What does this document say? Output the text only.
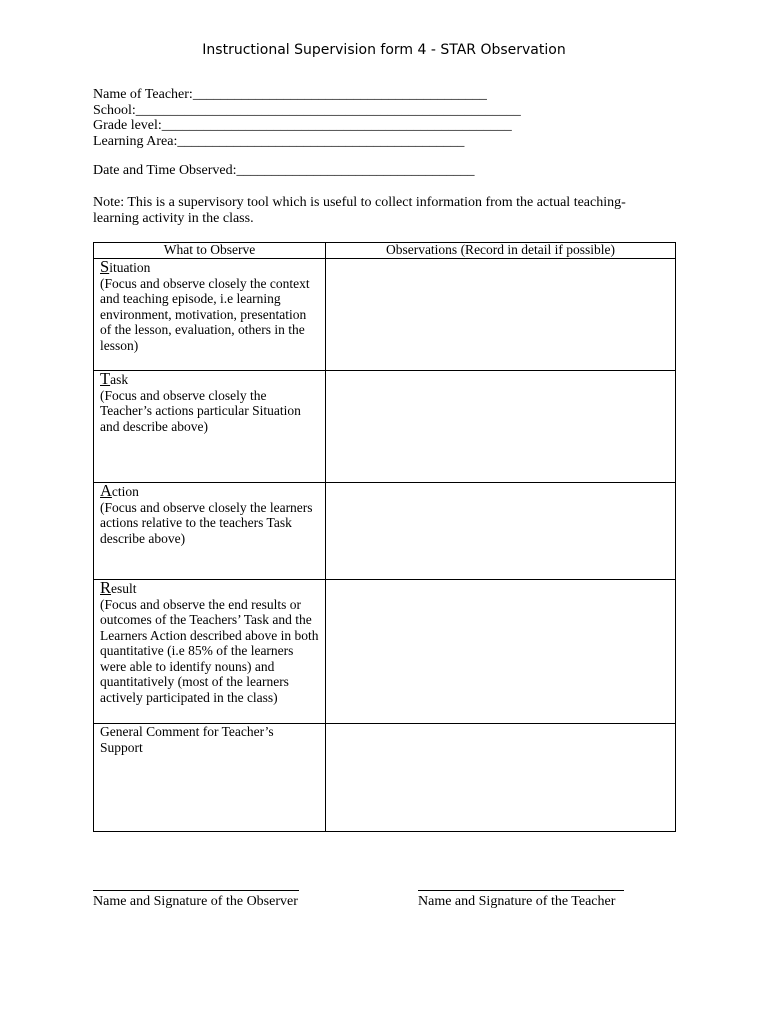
Instructional Supervision form 4 - STAR Observation
Name of Teacher:__________________________________________
School:_______________________________________________________
Grade level:__________________________________________________
Learning Area:_________________________________________
Date and Time Observed:__________________________________
Note: This is a supervisory tool which is useful to collect information from the actual teaching-learning activity in the class.
What to Observe	Observations (Record in detail if possible)
Situation
(Focus and observe closely the context and teaching episode, i.e learning environment, motivation, presentation of the lesson, evaluation, others in the lesson)	
Task
(Focus and observe closely the Teacher’s actions particular Situation and describe above)	
Action
(Focus and observe closely the learners actions relative to the teachers Task describe above)	
Result
(Focus and observe the end results or outcomes of the Teachers’ Task and the Learners Action described above in both quantitative (i.e 85% of the learners were able to identify nouns) and quantitatively (most of the learners actively participated in the class)	
General Comment for Teacher’s Support	
Name and Signature of the Observer	Name and Signature of the Teacher
